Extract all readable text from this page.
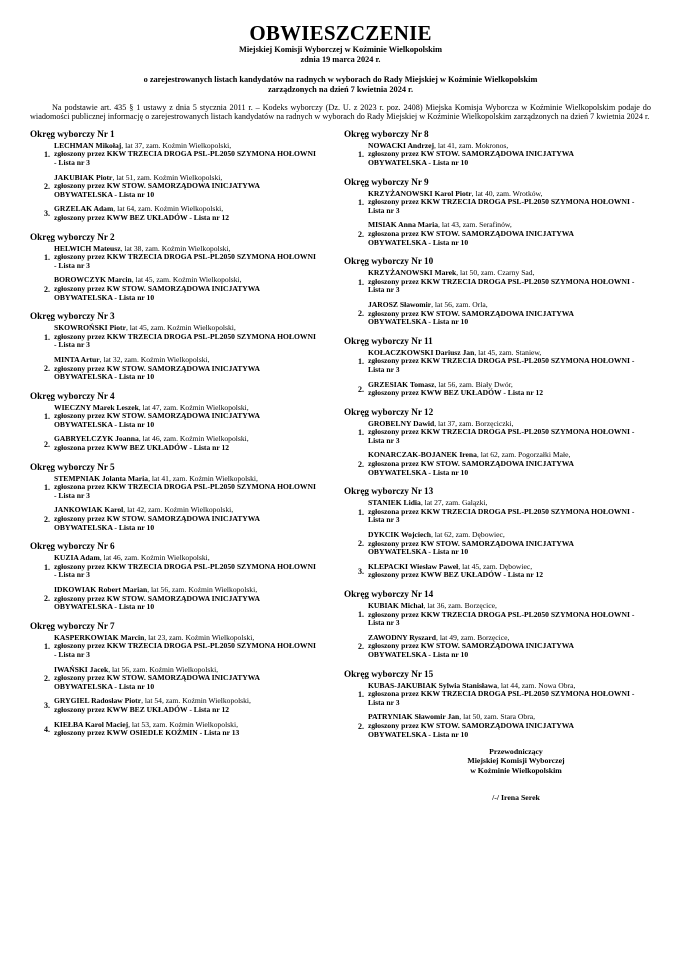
OBWIESZCZENIE
Miejskiej Komisji Wyborczej w Koźminie Wielkopolskim
zdnia 19 marca 2024 r.
o zarejestrowanych listach kandydatów na radnych w wyborach do Rady Miejskiej w Koźminie Wielkopolskim
zarządzonych na dzień 7 kwietnia 2024 r.
Na podstawie art. 435 § 1 ustawy z dnia 5 stycznia 2011 r. – Kodeks wyborczy (Dz. U. z 2023 r. poz. 2408) Miejska Komisja Wyborcza w Koźminie Wielkopolskim podaje do wiadomości publicznej informację o zarejestrowanych listach kandydatów na radnych w wyborach do Rady Miejskiej w Koźminie Wielkopolskim zarządzonych na dzień 7 kwietnia 2024 r.
Okręg wyborczy Nr 1
1.
LECHMAN Mikołaj, lat 37, zam. Koźmin Wielkopolski,
zgłoszony przez KKW TRZECIA DROGA PSL-PL2050 SZYMONA HOŁOWNI
- Lista nr 3
2.
JAKUBIAK Piotr, lat 51, zam. Koźmin Wielkopolski,
zgłoszony przez KW STOW. SAMORZĄDOWA INICJATYWA
OBYWATELSKA - Lista nr 10
3.
GRZELAK Adam, lat 64, zam. Koźmin Wielkopolski,
zgłoszony przez KWW BEZ UKŁADÓW - Lista nr 12
Okręg wyborczy Nr 2
1.
HELWICH Mateusz, lat 38, zam. Koźmin Wielkopolski,
zgłoszony przez KKW TRZECIA DROGA PSL-PL2050 SZYMONA HOŁOWNI
- Lista nr 3
2.
BOROWCZYK Marcin, lat 45, zam. Koźmin Wielkopolski,
zgłoszony przez KW STOW. SAMORZĄDOWA INICJATYWA
OBYWATELSKA - Lista nr 10
Okręg wyborczy Nr 3
1.
SKOWROŃSKI Piotr, lat 45, zam. Koźmin Wielkopolski,
zgłoszony przez KKW TRZECIA DROGA PSL-PL2050 SZYMONA HOŁOWNI
- Lista nr 3
2.
MINTA Artur, lat 32, zam. Koźmin Wielkopolski,
zgłoszony przez KW STOW. SAMORZĄDOWA INICJATYWA
OBYWATELSKA - Lista nr 10
Okręg wyborczy Nr 4
1.
WIECZNY Marek Leszek, lat 47, zam. Koźmin Wielkopolski,
zgłoszony przez KW STOW. SAMORZĄDOWA INICJATYWA
OBYWATELSKA - Lista nr 10
2.
GABRYELCZYK Joanna, lat 46, zam. Koźmin Wielkopolski,
zgłoszona przez KWW BEZ UKŁADÓW - Lista nr 12
Okręg wyborczy Nr 5
1.
STEMPNIAK Jolanta Maria, lat 41, zam. Koźmin Wielkopolski,
zgłoszona przez KKW TRZECIA DROGA PSL-PL2050 SZYMONA HOŁOWNI
- Lista nr 3
2.
JANKOWIAK Karol, lat 42, zam. Koźmin Wielkopolski,
zgłoszony przez KW STOW. SAMORZĄDOWA INICJATYWA
OBYWATELSKA - Lista nr 10
Okręg wyborczy Nr 6
1.
KUZIA Adam, lat 46, zam. Koźmin Wielkopolski,
zgłoszony przez KKW TRZECIA DROGA PSL-PL2050 SZYMONA HOŁOWNI
- Lista nr 3
2.
IDKOWIAK Robert Marian, lat 56, zam. Koźmin Wielkopolski,
zgłoszony przez KW STOW. SAMORZĄDOWA INICJATYWA
OBYWATELSKA - Lista nr 10
Okręg wyborczy Nr 7
1.
KASPERKOWIAK Marcin, lat 23, zam. Koźmin Wielkopolski,
zgłoszony przez KKW TRZECIA DROGA PSL-PL2050 SZYMONA HOŁOWNI
- Lista nr 3
2.
IWAŃSKI Jacek, lat 56, zam. Koźmin Wielkopolski,
zgłoszony przez KW STOW. SAMORZĄDOWA INICJATYWA
OBYWATELSKA - Lista nr 10
3.
GRYGIEL Radosław Piotr, lat 54, zam. Koźmin Wielkopolski,
zgłoszony przez KWW BEZ UKŁADÓW - Lista nr 12
4.
KIEŁBA Karol Maciej, lat 53, zam. Koźmin Wielkopolski,
zgłoszony przez KWW OSIEDLE KOŹMIN - Lista nr 13
Okręg wyborczy Nr 8
1.
NOWACKI Andrzej, lat 41, zam. Mokronos,
zgłoszony przez KW STOW. SAMORZĄDOWA INICJATYWA
OBYWATELSKA - Lista nr 10
Okręg wyborczy Nr 9
1.
KRZYŻANOWSKI Karol Piotr, lat 40, zam. Wrotków,
zgłoszony przez KKW TRZECIA DROGA PSL-PL2050 SZYMONA HOŁOWNI -
Lista nr 3
2.
MISIAK Anna Maria, lat 43, zam. Serafinów,
zgłoszona przez KW STOW. SAMORZĄDOWA INICJATYWA
OBYWATELSKA - Lista nr 10
Okręg wyborczy Nr 10
1.
KRZYŻANOWSKI Marek, lat 50, zam. Czarny Sad,
zgłoszony przez KKW TRZECIA DROGA PSL-PL2050 SZYMONA HOŁOWNI -
Lista nr 3
2.
JAROSZ Sławomir, lat 56, zam. Orla,
zgłoszony przez KW STOW. SAMORZĄDOWA INICJATYWA
OBYWATELSKA - Lista nr 10
Okręg wyborczy Nr 11
1.
KOŁACZKOWSKI Dariusz Jan, lat 45, zam. Staniew,
zgłoszony przez KKW TRZECIA DROGA PSL-PL2050 SZYMONA HOŁOWNI -
Lista nr 3
2.
GRZESIAK Tomasz, lat 56, zam. Biały Dwór,
zgłoszony przez KWW BEZ UKŁADÓW - Lista nr 12
Okręg wyborczy Nr 12
1.
GROBELNY Dawid, lat 37, zam. Borzęciczki,
zgłoszony przez KKW TRZECIA DROGA PSL-PL2050 SZYMONA HOŁOWNI -
Lista nr 3
2.
KONARCZAK-BOJANEK Irena, lat 62, zam. Pogorzałki Małe,
zgłoszona przez KW STOW. SAMORZĄDOWA INICJATYWA
OBYWATELSKA - Lista nr 10
Okręg wyborczy Nr 13
1.
STANIEK Lidia, lat 27, zam. Galązki,
zgłoszona przez KKW TRZECIA DROGA PSL-PL2050 SZYMONA HOŁOWNI -
Lista nr 3
2.
DYKCIK Wojciech, lat 62, zam. Dębowiec,
zgłoszony przez KW STOW. SAMORZĄDOWA INICJATYWA
OBYWATELSKA - Lista nr 10
3.
KLEPACKI Wiesław Paweł, lat 45, zam. Dębowiec,
zgłoszony przez KWW BEZ UKŁADÓW - Lista nr 12
Okręg wyborczy Nr 14
1.
KUBIAK Michał, lat 36, zam. Borzęcice,
zgłoszony przez KKW TRZECIA DROGA PSL-PL2050 SZYMONA HOŁOWNI -
Lista nr 3
2.
ZAWODNY Ryszard, lat 49, zam. Borzęcice,
zgłoszony przez KW STOW. SAMORZĄDOWA INICJATYWA
OBYWATELSKA - Lista nr 10
Okręg wyborczy Nr 15
1.
KUBAS-JAKUBIAK Sylwia Stanisława, lat 44, zam. Nowa Obra,
zgłoszona przez KKW TRZECIA DROGA PSL-PL2050 SZYMONA HOŁOWNI -
Lista nr 3
2.
PATRYNIAK Sławomir Jan, lat 50, zam. Stara Obra,
zgłoszony przez KW STOW. SAMORZĄDOWA INICJATYWA
OBYWATELSKA - Lista nr 10
Przewodniczący
Miejskiej Komisji Wyborczej
w Koźminie Wielkopolskim
/-/ Irena Serek
